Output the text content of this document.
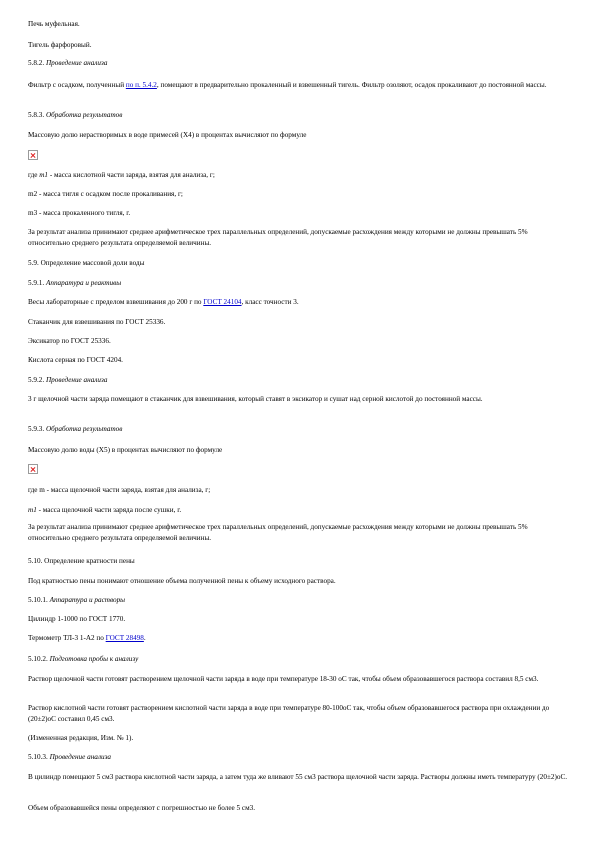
Печь муфельная.
Тигель фарфоровый.
5.8.2. Проведение анализа
Фильтр с осадком, полученный по п. 5.4.2, помещают в предварительно прокаленный и взвешенный тигель. Фильтр озоляют, осадок прокаливают до постоянной массы.
5.8.3. Обработка результатов
Массовую долю нерастворимых в воде примесей (Х4) в процентах вычисляют по формуле
где m1 - масса кислотной части заряда, взятая для анализа, г;
m2 - масса тигля с осадком после прокаливания, г;
m3 - масса прокаленного тигля, г.
За результат анализа принимают среднее арифметическое трех параллельных определений, допускаемые расхождения между которыми не должны превышать 5% относительно среднего результата определяемой величины.
5.9. Определение массовой доли воды
5.9.1. Аппаратура и реактивы
Весы лабораторные с пределом взвешивания до 200 г по ГОСТ 24104, класс точности 3.
Стаканчик для взвешивания по ГОСТ 25336.
Эксикатор по ГОСТ 25336.
Кислота серная по ГОСТ 4204.
5.9.2. Проведение анализа
3 г щелочной части заряда помещают в стаканчик для взвешивания, который ставят в эксикатор и сушат над серной кислотой до постоянной массы.
5.9.3. Обработка результатов
Массовую долю воды (Х5) в процентах вычисляют по формуле
где m - масса щелочной части заряда, взятая для анализа, г;
m1 - масса щелочной части заряда после сушки, г.
За результат анализа принимают среднее арифметическое трех параллельных определений, допускаемые расхождения между которыми не должны превышать 5% относительно среднего результата определяемой величины.
5.10. Определение кратности пены
Под кратностью пены понимают отношение объема полученной пены к объему исходного раствора.
5.10.1. Аппаратура и растворы
Цилиндр 1-1000 по ГОСТ 1770.
Термометр ТЛ-3 1-А2 по ГОСТ 28498.
5.10.2. Подготовка пробы к анализу
Раствор щелочной части готовят растворением щелочной части заряда в воде при температуре 18-30 оС так, чтобы объем образовавшегося раствора составил 8,5 см3.
Раствор кислотной части готовят растворением кислотной части заряда в воде при температуре 80-100оС так, чтобы объем образовавшегося раствора при охлаждении до (20±2)оС составил 0,45 см3.
(Измененная редакция, Изм. № 1).
5.10.3. Проведение анализа
В цилиндр помещают 5 см3 раствора кислотной части заряда, а затем туда же вливают 55 см3 раствора щелочной части заряда. Растворы должны иметь температуру (20±2)оС.
Объем образовавшейся пены определяют с погрешностью не более 5 см3.
